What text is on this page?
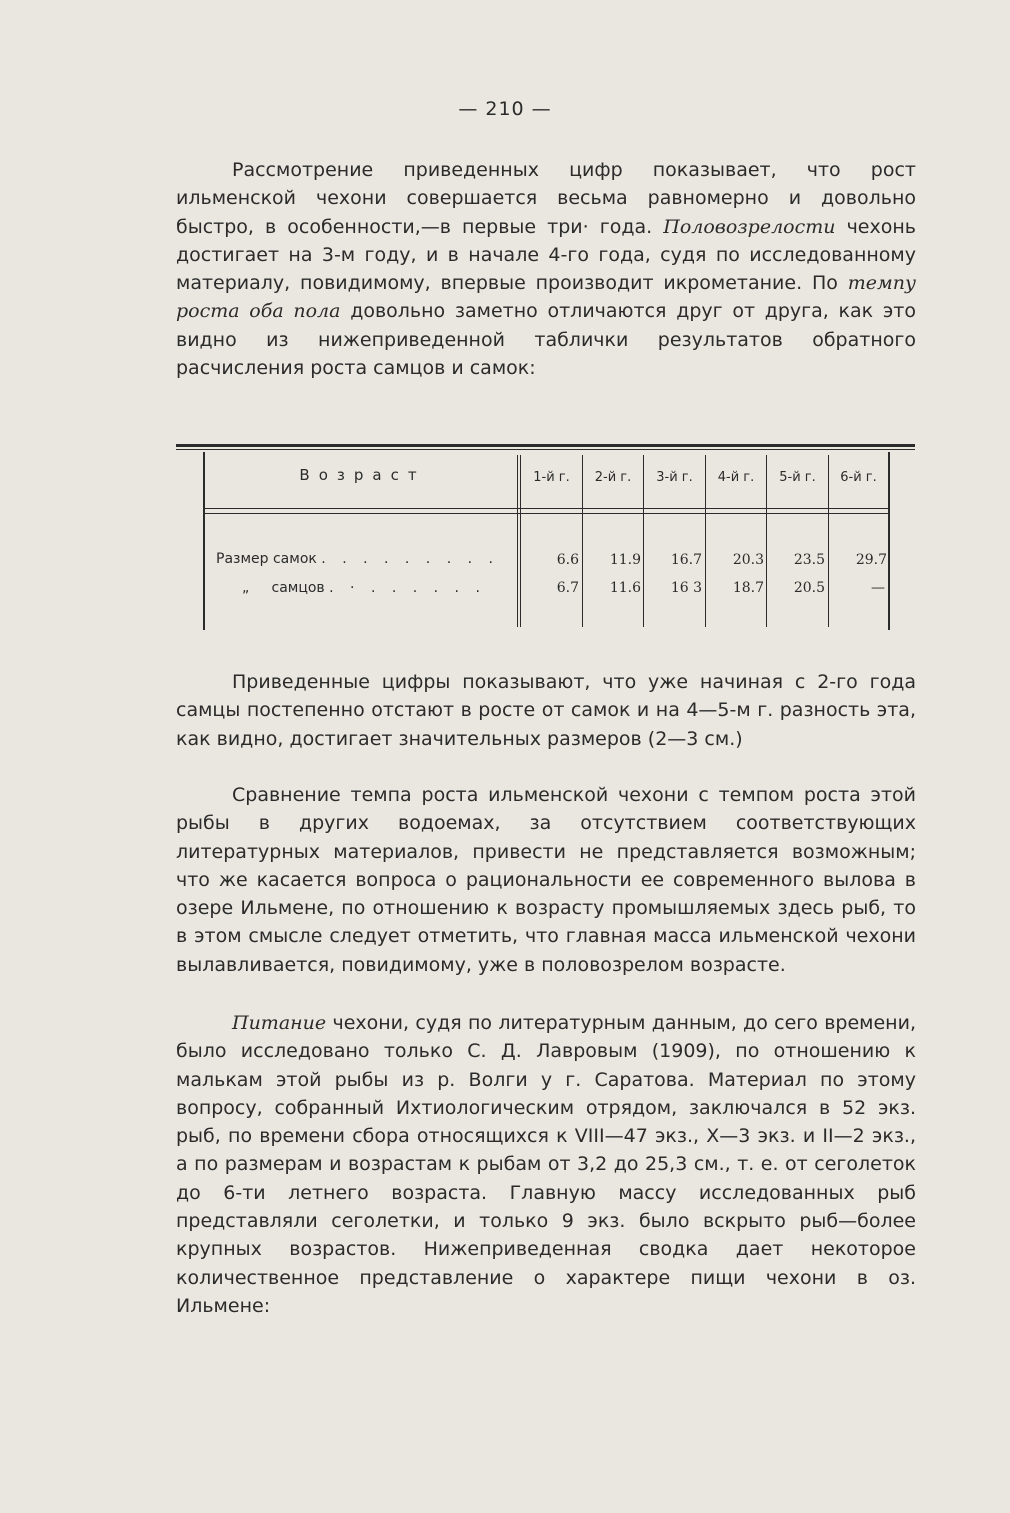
— 210 —

Рассмотрение приведенных цифр показывает, что рост ильменской чехони совершается весьма равномерно и довольно быстро, в особенности,—в первые три· года. Половозрелости чехонь достигает на 3-м году, и в начале 4-го года, судя по исследованному материалу, повидимому, впервые производит икрометание. По темпу роста оба пола довольно заметно отличаются друг от друга, как это видно из нижеприведенной таблички результатов обратного расчисления роста самцов и самок:

Возраст	1-й г.	2-й г.	3-й г.	4-й г.	5-й г.	6-й г.
Размер самок . . . . . . . . .	6.6	11.9	16.7	20.3	23.5	29.7
„     самцов . · . . . . . .	6.7	11.6	16 3	18.7	20.5	—

Приведенные цифры показывают, что уже начиная с 2-го года самцы постепенно отстают в росте от самок и на 4—5-м г. разность эта, как видно, достигает значительных размеров (2—3 см.)

Сравнение темпа роста ильменской чехони с темпом роста этой рыбы в других водоемах, за отсутствием соответствующих литературных материалов, привести не представляется возможным; что же касается вопроса о рациональности ее современного вылова в озере Ильмене, по отношению к возрасту промышляемых здесь рыб, то в этом смысле следует отметить, что главная масса ильменской чехони вылавливается, повидимому, уже в половозрелом возрасте.

Питание чехони, судя по литературным данным, до сего времени, было исследовано только С. Д. Лавровым (1909), по отношению к малькам этой рыбы из р. Волги у г. Саратова. Материал по этому вопросу, собранный Ихтиологическим отрядом, заключался в 52 экз. рыб, по времени сбора относящихся к VIII—47 экз., X—3 экз. и II—2 экз., а по размерам и возрастам к рыбам от 3,2 до 25,3 см., т. е. от сеголеток до 6-ти летнего возраста. Главную массу исследованных рыб представляли сеголетки, и только 9 экз. было вскрыто рыб—более крупных возрастов. Нижеприведенная сводка дает некоторое количественное представление о характере пищи чехони в оз. Ильмене:
